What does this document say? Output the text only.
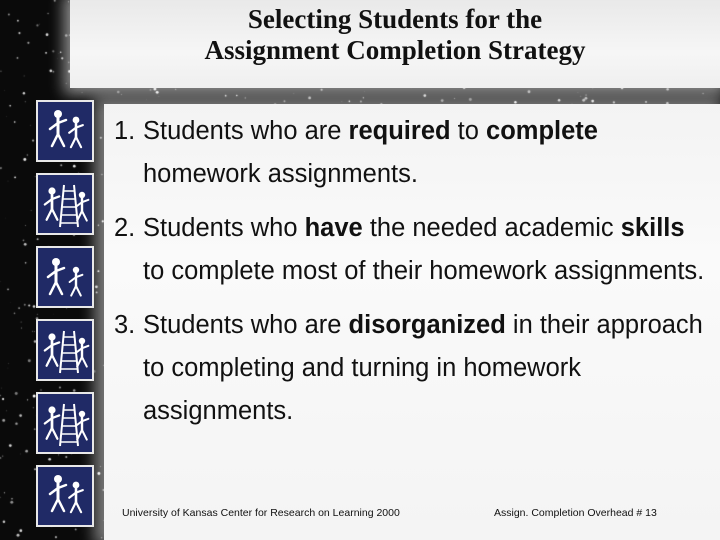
Selecting Students for the
Assignment Completion Strategy
1. Students who are required to complete homework assignments.
2. Students who have the needed academic skills to complete most of their homework assignments.
3. Students who are disorganized in their approach to completing and turning in homework assignments.
University of Kansas Center for Research on Learning 2000	Assign. Completion Overhead # 13
